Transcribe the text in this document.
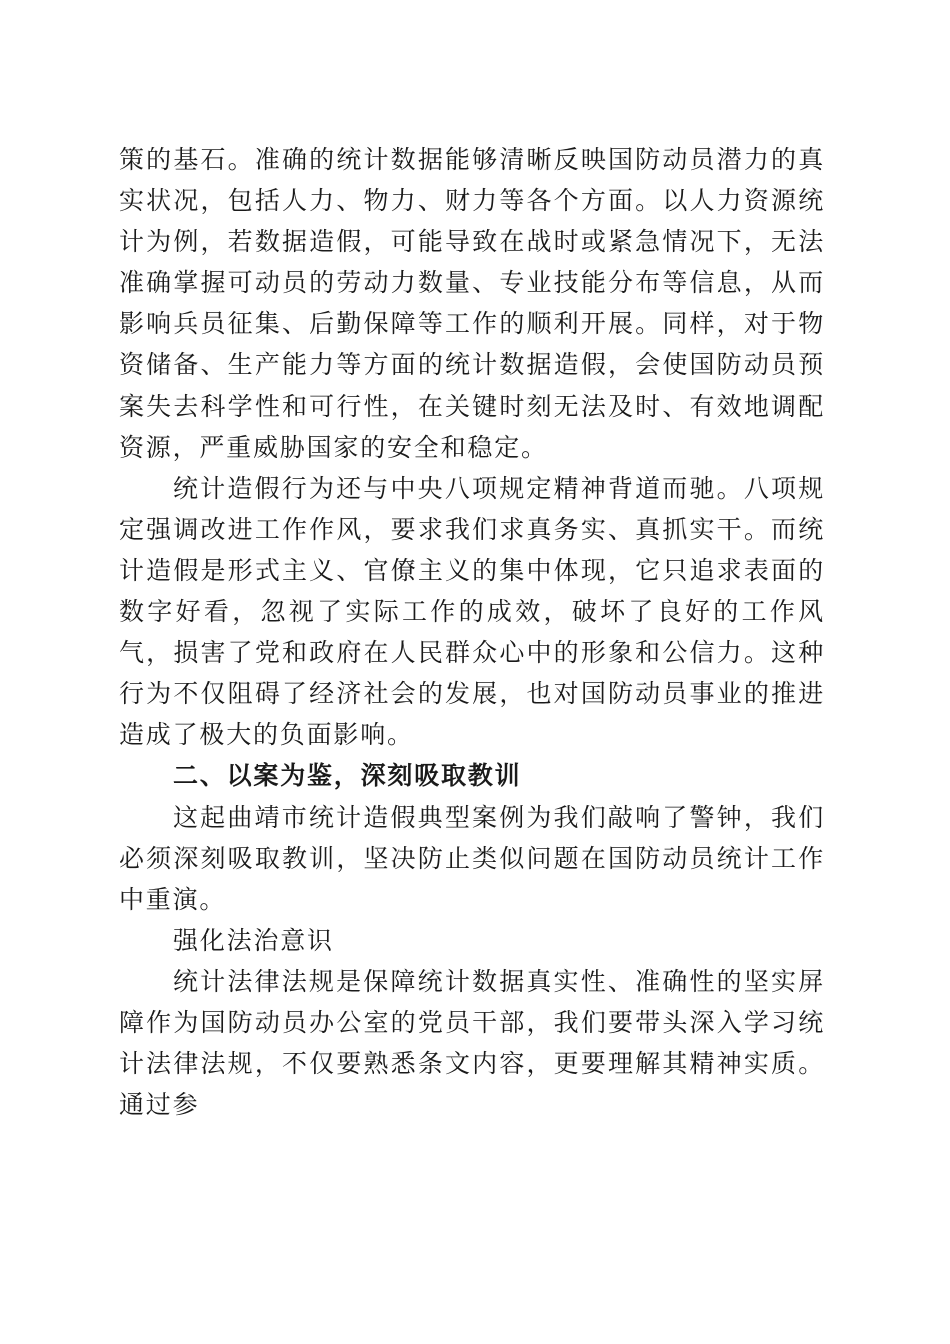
策的基石。准确的统计数据能够清晰反映国防动员潜力的真实状况，包括人力、物力、财力等各个方面。以人力资源统计为例，若数据造假，可能导致在战时或紧急情况下，无法准确掌握可动员的劳动力数量、专业技能分布等信息，从而影响兵员征集、后勤保障等工作的顺利开展。同样，对于物资储备、生产能力等方面的统计数据造假，会使国防动员预案失去科学性和可行性，在关键时刻无法及时、有效地调配资源，严重威胁国家的安全和稳定。

统计造假行为还与中央八项规定精神背道而驰。八项规定强调改进工作作风，要求我们求真务实、真抓实干。而统计造假是形式主义、官僚主义的集中体现，它只追求表面的数字好看，忽视了实际工作的成效，破坏了良好的工作风气，损害了党和政府在人民群众心中的形象和公信力。这种行为不仅阻碍了经济社会的发展，也对国防动员事业的推进造成了极大的负面影响。

二、以案为鉴，深刻吸取教训

这起曲靖市统计造假典型案例为我们敲响了警钟，我们必须深刻吸取教训，坚决防止类似问题在国防动员统计工作中重演。

强化法治意识

统计法律法规是保障统计数据真实性、准确性的坚实屏障作为国防动员办公室的党员干部，我们要带头深入学习统计法律法规，不仅要熟悉条文内容，更要理解其精神实质。通过参
